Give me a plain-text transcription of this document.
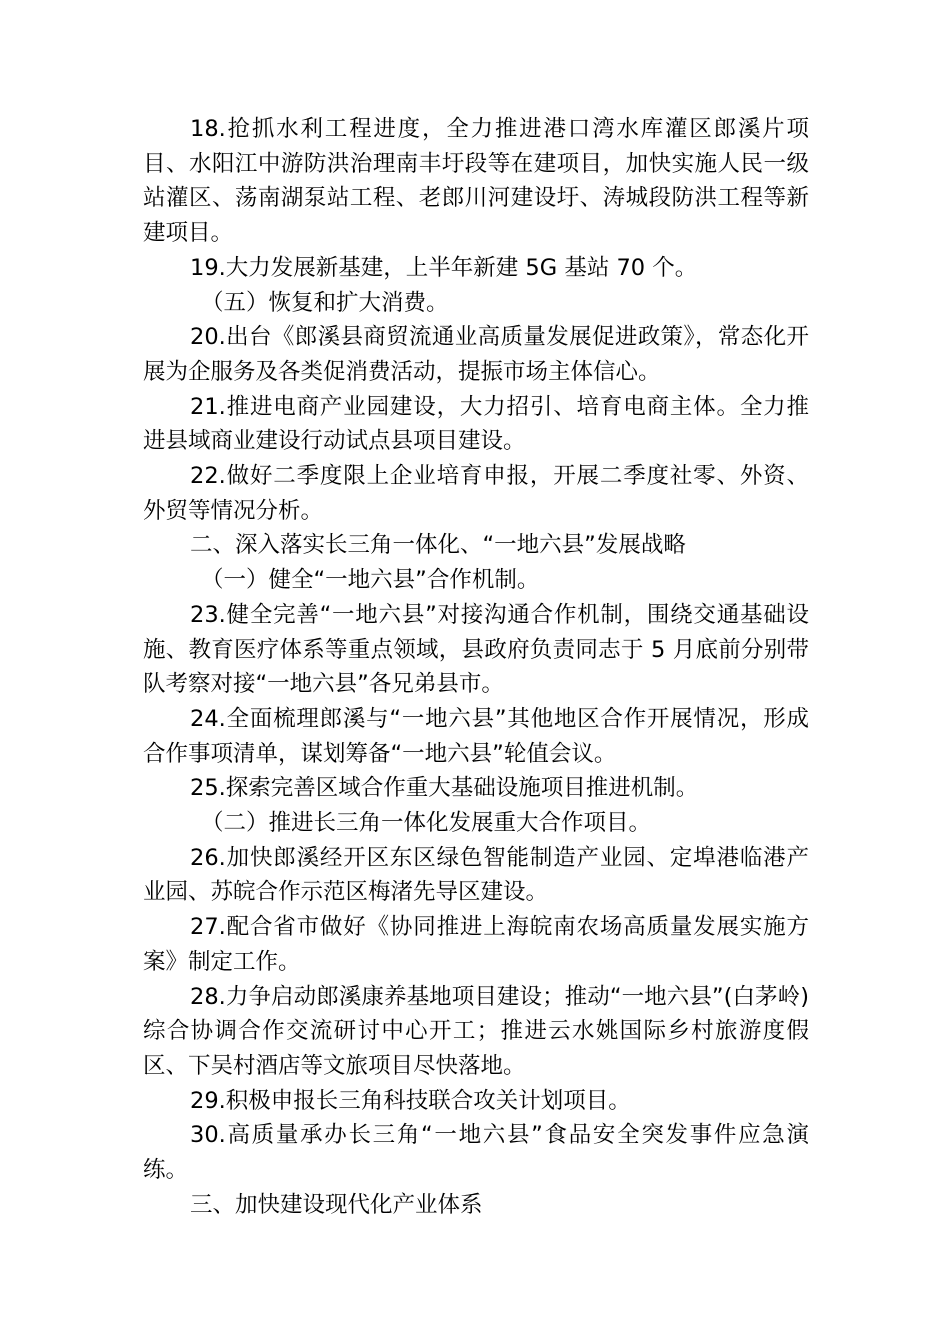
18.抢抓水利工程进度，全力推进港口湾水库灌区郎溪片项目、水阳江中游防洪治理南丰圩段等在建项目，加快实施人民一级站灌区、荡南湖泵站工程、老郎川河建设圩、涛城段防洪工程等新建项目。

19.大力发展新基建，上半年新建 5G 基站 70 个。

（五）恢复和扩大消费。

20.出台《郎溪县商贸流通业高质量发展促进政策》，常态化开展为企服务及各类促消费活动，提振市场主体信心。

21.推进电商产业园建设，大力招引、培育电商主体。全力推进县域商业建设行动试点县项目建设。

22.做好二季度限上企业培育申报，开展二季度社零、外资、外贸等情况分析。

二、深入落实长三角一体化、“一地六县”发展战略

（一）健全“一地六县”合作机制。

23.健全完善“一地六县”对接沟通合作机制，围绕交通基础设施、教育医疗体系等重点领域，县政府负责同志于 5 月底前分别带队考察对接“一地六县”各兄弟县市。

24.全面梳理郎溪与“一地六县”其他地区合作开展情况，形成合作事项清单，谋划筹备“一地六县”轮值会议。

25.探索完善区域合作重大基础设施项目推进机制。

（二）推进长三角一体化发展重大合作项目。

26.加快郎溪经开区东区绿色智能制造产业园、定埠港临港产业园、苏皖合作示范区梅渚先导区建设。

27.配合省市做好《协同推进上海皖南农场高质量发展实施方案》制定工作。

28.力争启动郎溪康养基地项目建设；推动“一地六县”(白茅岭)综合协调合作交流研讨中心开工；推进云水姚国际乡村旅游度假区、下吴村酒店等文旅项目尽快落地。

29.积极申报长三角科技联合攻关计划项目。

30.高质量承办长三角“一地六县”食品安全突发事件应急演练。

三、加快建设现代化产业体系
